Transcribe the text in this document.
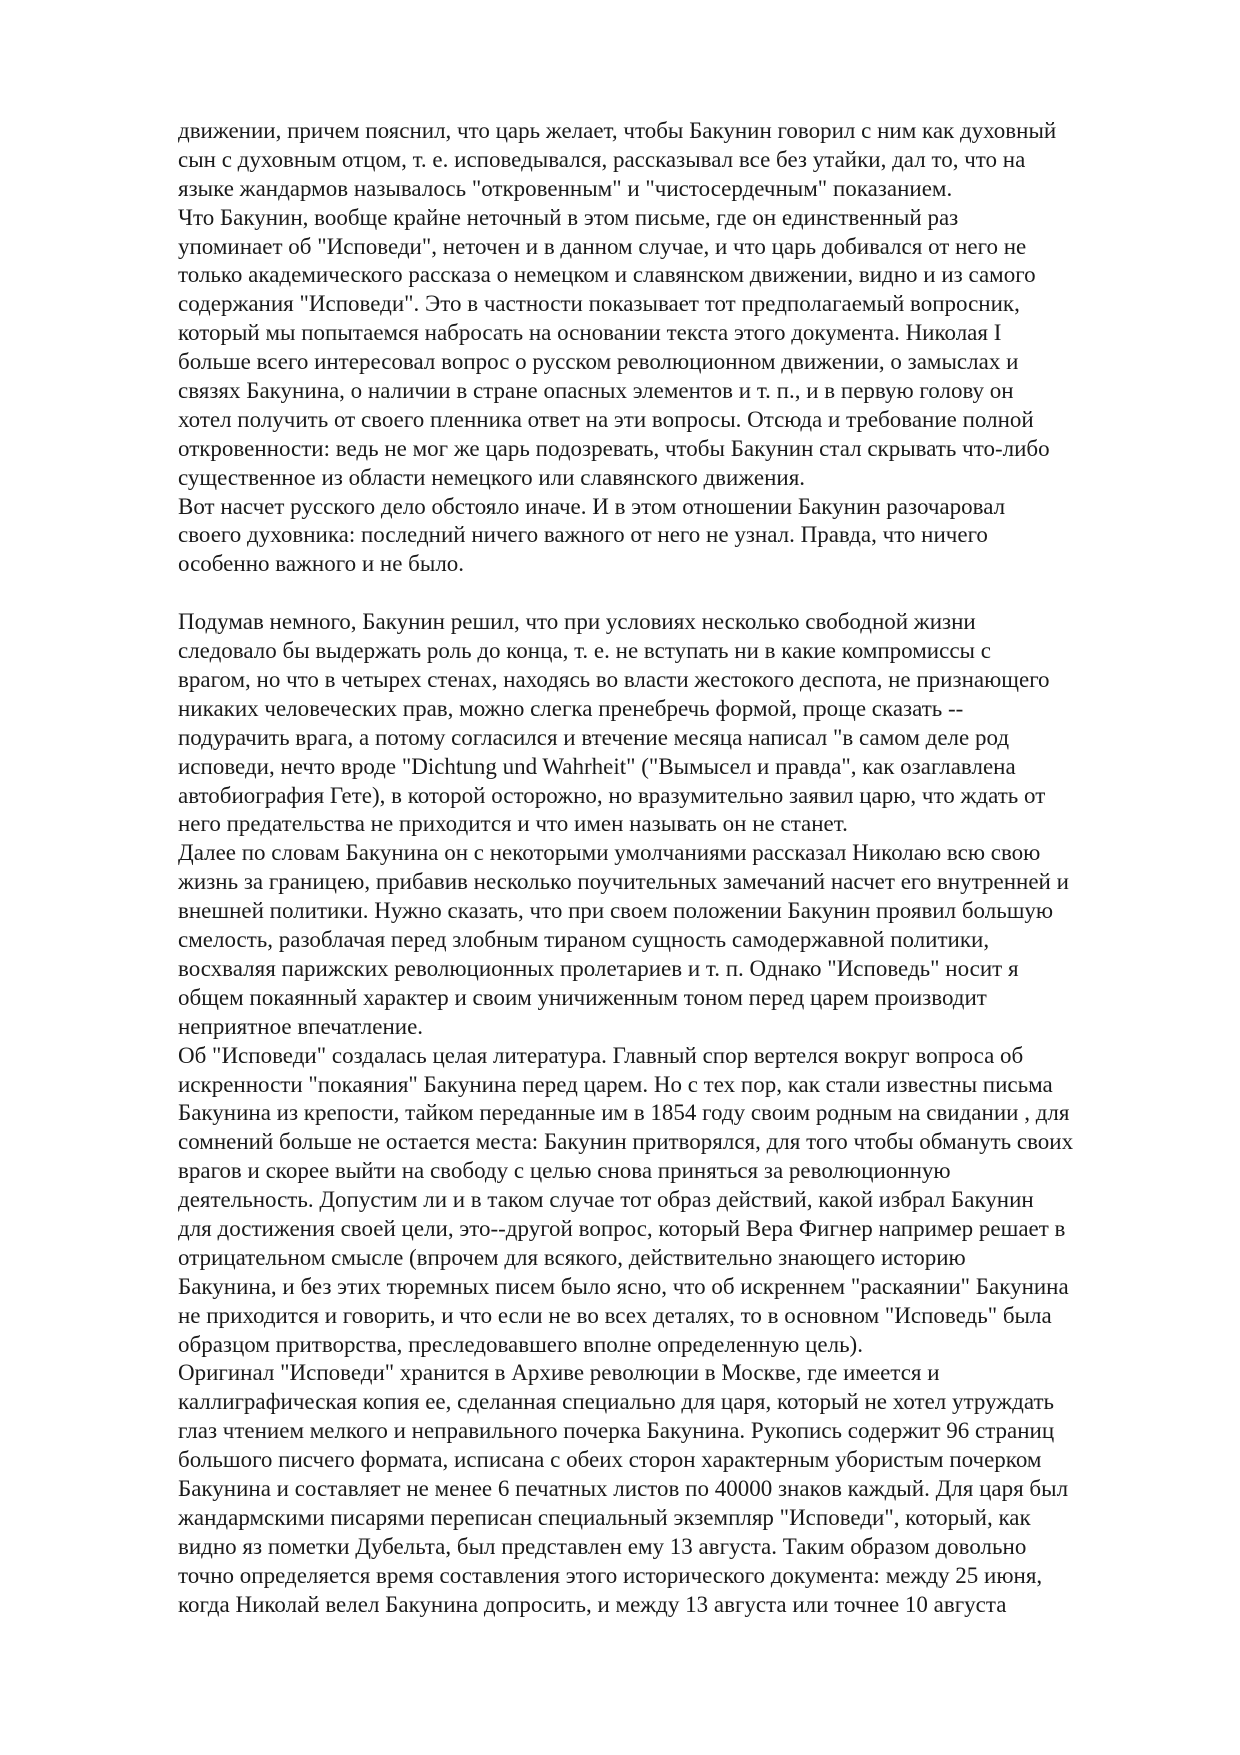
движении, причем пояснил, что царь желает, чтобы Бакунин говорил с ним как духовный
сын с духовным отцом, т. е. исповедывался, рассказывал все без утайки, дал то, что на
языке жандармов называлось "откровенным" и "чистосердечным" показанием.
Что Бакунин, вообще крайне неточный в этом письме, где он единственный раз
упоминает об "Исповеди", неточен и в данном случае, и что царь добивался от него не
только академического рассказа о немецком и славянском движении, видно и из самого
содержания "Исповеди". Это в частности показывает тот предполагаемый вопросник,
который мы попытаемся набросать на основании текста этого документа. Николая I
больше всего интересовал вопрос о русском революционном движении, о замыслах и
связях Бакунина, о наличии в стране опасных элементов и т. п., и в первую голову он
хотел получить от своего пленника ответ на эти вопросы. Отсюда и требование полной
откровенности: ведь не мог же царь подозревать, чтобы Бакунин стал скрывать что-либо
существенное из области немецкого или славянского движения.
Вот насчет русского дело обстояло иначе. И в этом отношении Бакунин разочаровал
своего духовника: последний ничего важного от него не узнал. Правда, что ничего
особенно важного и не было.
Подумав немного, Бакунин решил, что при условиях несколько свободной жизни
следовало бы выдержать роль до конца, т. е. не вступать ни в какие компромиссы с
врагом, но что в четырех стенах, находясь во власти жестокого деспота, не признающего
никаких человеческих прав, можно слегка пренебречь формой, проще сказать --
подурачить врага, а потому согласился и втечение месяца написал "в самом деле род
исповеди, нечто вроде "Dichtung und Wahrheit" ("Вымысел и правда", как озаглавлена
автобиография Гете), в которой осторожно, но вразумительно заявил царю, что ждать от
него предательства не приходится и что имен называть он не станет.
Далее по словам Бакунина он с некоторыми умолчаниями рассказал Николаю всю свою
жизнь за границею, прибавив несколько поучительных замечаний насчет его внутренней и
внешней политики. Нужно сказать, что при своем положении Бакунин проявил большую
смелость, разоблачая перед злобным тираном сущность самодержавной политики,
восхваляя парижских революционных пролетариев и т. п. Однако "Исповедь" носит я
общем покаянный характер и своим уничиженным тоном перед царем производит
неприятное впечатление.
Об "Исповеди" создалась целая литература. Главный спор вертелся вокруг вопроса об
искренности "покаяния" Бакунина перед царем. Но с тех пор, как стали известны письма
Бакунина из крепости, тайком переданные им в 1854 году своим родным на свидании , для
сомнений больше не остается места: Бакунин притворялся, для того чтобы обмануть своих
врагов и скорее выйти на свободу с целью снова приняться за революционную
деятельность. Допустим ли и в таком случае тот образ действий, какой избрал Бакунин
для достижения своей цели, это--другой вопрос, который Вера Фигнер например решает в
отрицательном смысле (впрочем для всякого, действительно знающего историю
Бакунина, и без этих тюремных писем было ясно, что об искреннем "раскаянии" Бакунина
не приходится и говорить, и что если не во всех деталях, то в основном "Исповедь" была
образцом притворства, преследовавшего вполне определенную цель).
Оригинал "Исповеди" хранится в Архиве революции в Москве, где имеется и
каллиграфическая копия ее, сделанная специально для царя, который не хотел утруждать
глаз чтением мелкого и неправильного почерка Бакунина. Рукопись содержит 96 страниц
большого писчего формата, исписана с обеих сторон характерным убористым почерком
Бакунина и составляет не менее 6 печатных листов по 40000 знаков каждый. Для царя был
жандармскими писарями переписан специальный экземпляр "Исповеди", который, как
видно яз пометки Дубельта, был представлен ему 13 августа. Таким образом довольно
точно определяется время составления этого исторического документа: между 25 июня,
когда Николай велел Бакунина допросить, и между 13 августа или точнее 10 августа
